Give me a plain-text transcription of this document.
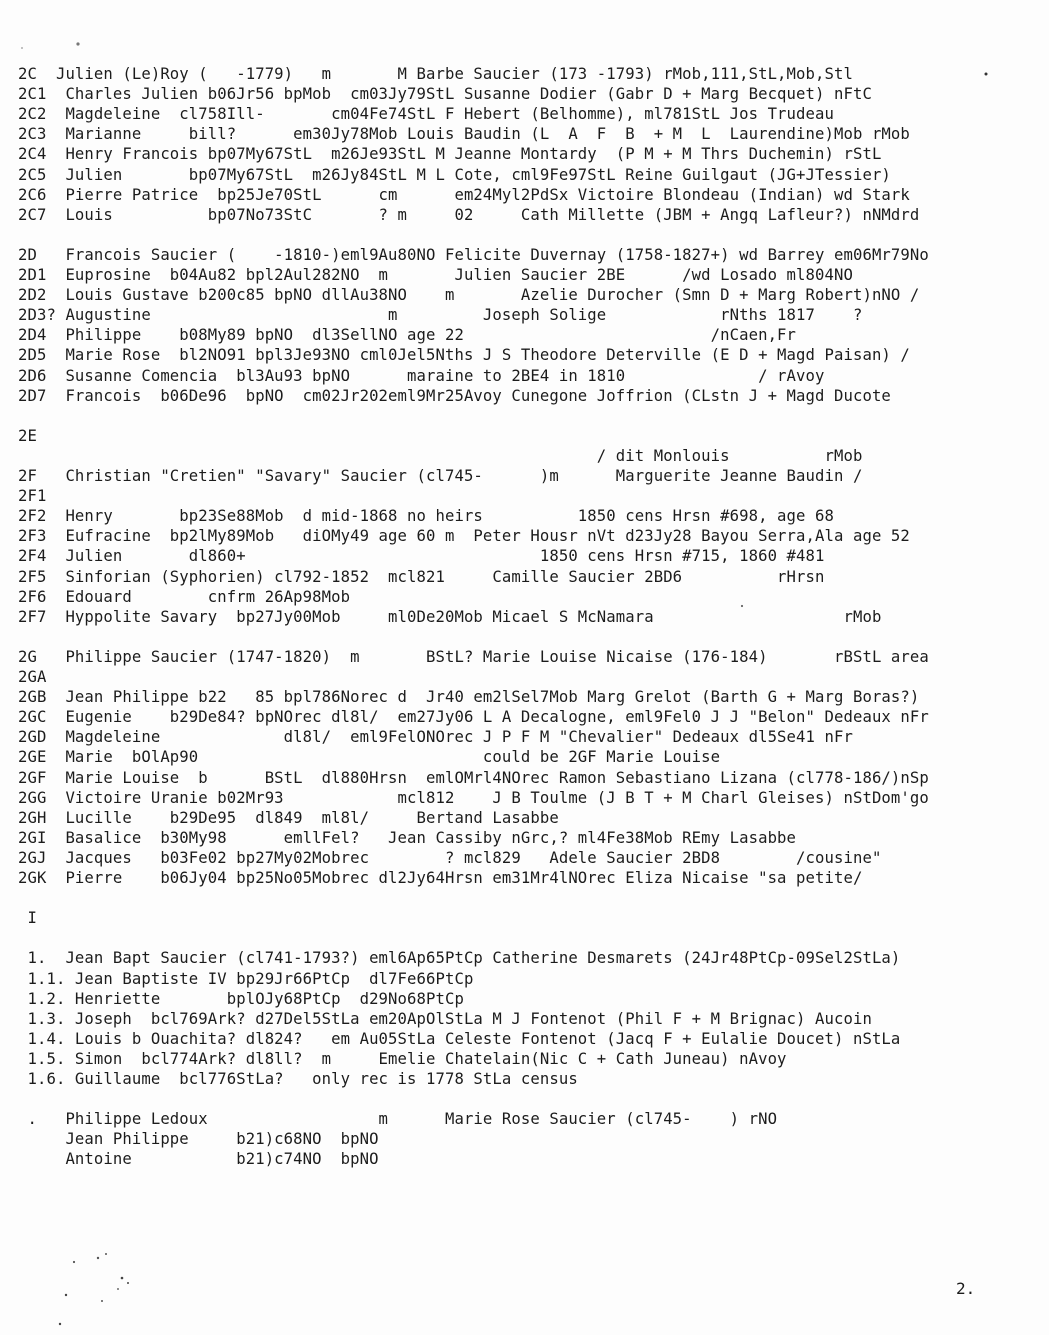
2C  Julien (Le)Roy (   -1779)   m       M Barbe Saucier (173 -1793) rMob,111,StL,Mob,Stl
2C1  Charles Julien b06Jr56 bpMob  cm03Jy79StL Susanne Dodier (Gabr D + Marg Becquet) nFtC
2C2  Magdeleine  cl758Ill-       cm04Fe74StL F Hebert (Belhomme), ml781StL Jos Trudeau
2C3  Marianne     bill?      em30Jy78Mob Louis Baudin (L  A  F  B  + M  L  Laurendine)Mob rMob
2C4  Henry Francois bp07My67StL  m26Je93StL M Jeanne Montardy  (P M + M Thrs Duchemin) rStL
2C5  Julien       bp07My67StL  m26Jy84StL M L Cote, cml9Fe97StL Reine Guilgaut (JG+JTessier)
2C6  Pierre Patrice  bp25Je70StL      cm      em24Myl2PdSx Victoire Blondeau (Indian) wd Stark
2C7  Louis          bp07No73StC       ? m     02     Cath Millette (JBM + Angq Lafleur?) nNMdrd
2D   Francois Saucier (    -1810-)eml9Au80NO Felicite Duvernay (1758-1827+) wd Barrey em06Mr79No
2D1  Euprosine  b04Au82 bpl2Aul282NO  m       Julien Saucier 2BE      /wd Losado ml804NO
2D2  Louis Gustave b200c85 bpNO dllAu38NO    m       Azelie Durocher (Smn D + Marg Robert)nNO /
2D3? Augustine                         m         Joseph Solige            rNths 1817    ?
2D4  Philippe    b08My89 bpNO  dl3SellNO age 22                          /nCaen,Fr
2D5  Marie Rose  bl2NO91 bpl3Je93NO cml0Jel5Nths J S Theodore Deterville (E D + Magd Paisan) /
2D6  Susanne Comencia  bl3Au93 bpNO      maraine to 2BE4 in 1810              / rAvoy
2D7  Francois  b06De96  bpNO  cm02Jr202eml9Mr25Avoy Cunegone Joffrion (CLstn J + Magd Ducote
2E
/ dit Monlouis          rMob
2F   Christian "Cretien" "Savary" Saucier (cl745-      )m      Marguerite Jeanne Baudin /
2F1
2F2  Henry       bp23Se88Mob  d mid-1868 no heirs          1850 cens Hrsn #698, age 68
2F3  Eufracine  bp2lMy89Mob   diOMy49 age 60 m  Peter Housr nVt d23Jy28 Bayou Serra,Ala age 52
2F4  Julien       dl860+                               1850 cens Hrsn #715, 1860 #481
2F5  Sinforian (Syphorien) cl792-1852  mcl821     Camille Saucier 2BD6          rHrsn
2F6  Edouard        cnfrm 26Ap98Mob
2F7  Hyppolite Savary  bp27Jy00Mob     ml0De20Mob Micael S McNamara                    rMob
2G   Philippe Saucier (1747-1820)  m       BStL? Marie Louise Nicaise (176-184)       rBStL area
2GA
2GB  Jean Philippe b22   85 bpl786Norec d  Jr40 em2lSel7Mob Marg Grelot (Barth G + Marg Boras?)
2GC  Eugenie    b29De84? bpNOrec dl8l/  em27Jy06 L A Decalogne, eml9Fel0 J J "Belon" Dedeaux nFr
2GD  Magdeleine             dl8l/  eml9FelONOrec J P F M "Chevalier" Dedeaux dl5Se41 nFr
2GE  Marie  bOlAp90                              could be 2GF Marie Louise
2GF  Marie Louise  b      BStL  dl880Hrsn  emlOMrl4NOrec Ramon Sebastiano Lizana (cl778-186/)nSp
2GG  Victoire Uranie b02Mr93            mcl812    J B Toulme (J B T + M Charl Gleises) nStDom'go
2GH  Lucille    b29De95  dl849  ml8l/     Bertand Lasabbe
2GI  Basalice  b30My98      emllFel?   Jean Cassiby nGrc,? ml4Fe38Mob REmy Lasabbe
2GJ  Jacques   b03Fe02 bp27My02Mobrec        ? mcl829   Adele Saucier 2BD8        /cousine"
2GK  Pierre    b06Jy04 bp25No05Mobrec dl2Jy64Hrsn em31Mr4lNOrec Eliza Nicaise "sa petite/
I
1.  Jean Bapt Saucier (cl741-1793?) eml6Ap65PtCp Catherine Desmarets (24Jr48PtCp-09Sel2StLa)
1.1. Jean Baptiste IV bp29Jr66PtCp  dl7Fe66PtCp
1.2. Henriette       bplOJy68PtCp  d29No68PtCp
1.3. Joseph  bcl769Ark? d27Del5StLa em20ApOlStLa M J Fontenot (Phil F + M Brignac) Aucoin
1.4. Louis b Ouachita? dl824?   em Au05StLa Celeste Fontenot (Jacq F + Eulalie Doucet) nStLa
1.5. Simon  bcl774Ark? dl8ll?  m     Emelie Chatelain(Nic C + Cath Juneau) nAvoy
1.6. Guillaume  bcl776StLa?   only rec is 1778 StLa census
.   Philippe Ledoux                  m      Marie Rose Saucier (cl745-    ) rNO
Jean Philippe     b21)c68NO  bpNO
Antoine           b21)c74NO  bpNO
2.
